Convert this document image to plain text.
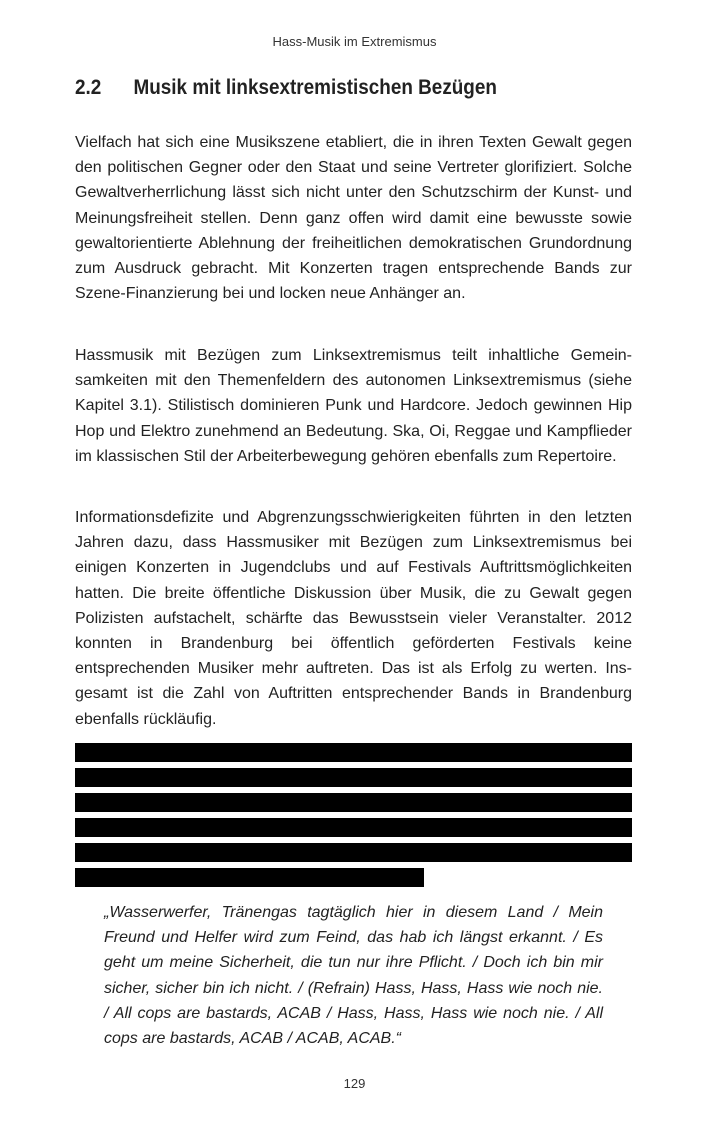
Hass-Musik im Extremismus
2.2 Musik mit linksextremistischen Bezügen

Vielfach hat sich eine Musikszene etabliert, die in ihren Texten Gewalt gegen den politischen Gegner oder den Staat und seine Vertreter glorifiziert. Solche Gewaltverherrlichung lässt sich nicht unter den Schutzschirm der Kunst- und Meinungsfreiheit stellen. Denn ganz offen wird damit eine bewusste sowie gewaltorientierte Ablehnung der freiheitlichen demokratischen Grundordnung zum Ausdruck gebracht. Mit Konzerten tragen entsprechende Bands zur Szene-Finanzierung bei und locken neue Anhänger an.

Hassmusik mit Bezügen zum Linksextremismus teilt inhaltliche Gemeinsamkeiten mit den Themenfeldern des autonomen Linksextremismus (siehe Kapitel 3.1). Stilistisch dominieren Punk und Hardcore. Jedoch gewinnen Hip Hop und Elektro zunehmend an Bedeutung. Ska, Oi, Reggae und Kampflieder im klassischen Stil der Arbeiterbewegung gehören ebenfalls zum Repertoire.

Informationsdefizite und Abgrenzungsschwierigkeiten führten in den letzten Jahren dazu, dass Hassmusiker mit Bezügen zum Linksextremismus bei einigen Konzerten in Jugendclubs und auf Festivals Auftrittsmöglichkeiten hatten. Die breite öffentliche Diskussion über Musik, die zu Gewalt gegen Polizisten aufstachelt, schärfte das Bewusstsein vieler Veranstalter. 2012 konnten in Brandenburg bei öffentlich geförderten Festivals keine entsprechenden Musiker mehr auftreten. Das ist als Erfolg zu werten. Insgesamt ist die Zahl von Auftritten entsprechender Bands in Brandenburg ebenfalls rückläufig.

„Wasserwerfer, Tränengas tagtäglich hier in diesem Land / Mein Freund und Helfer wird zum Feind, das hab ich längst erkannt. / Es geht um meine Sicherheit, die tun nur ihre Pflicht. / Doch ich bin mir sicher, sicher bin ich nicht. / (Refrain) Hass, Hass, Hass wie noch nie. / All cops are bastards, ACAB / Hass, Hass, Hass wie noch nie. / All cops are bastards, ACAB / ACAB, ACAB.“

129
